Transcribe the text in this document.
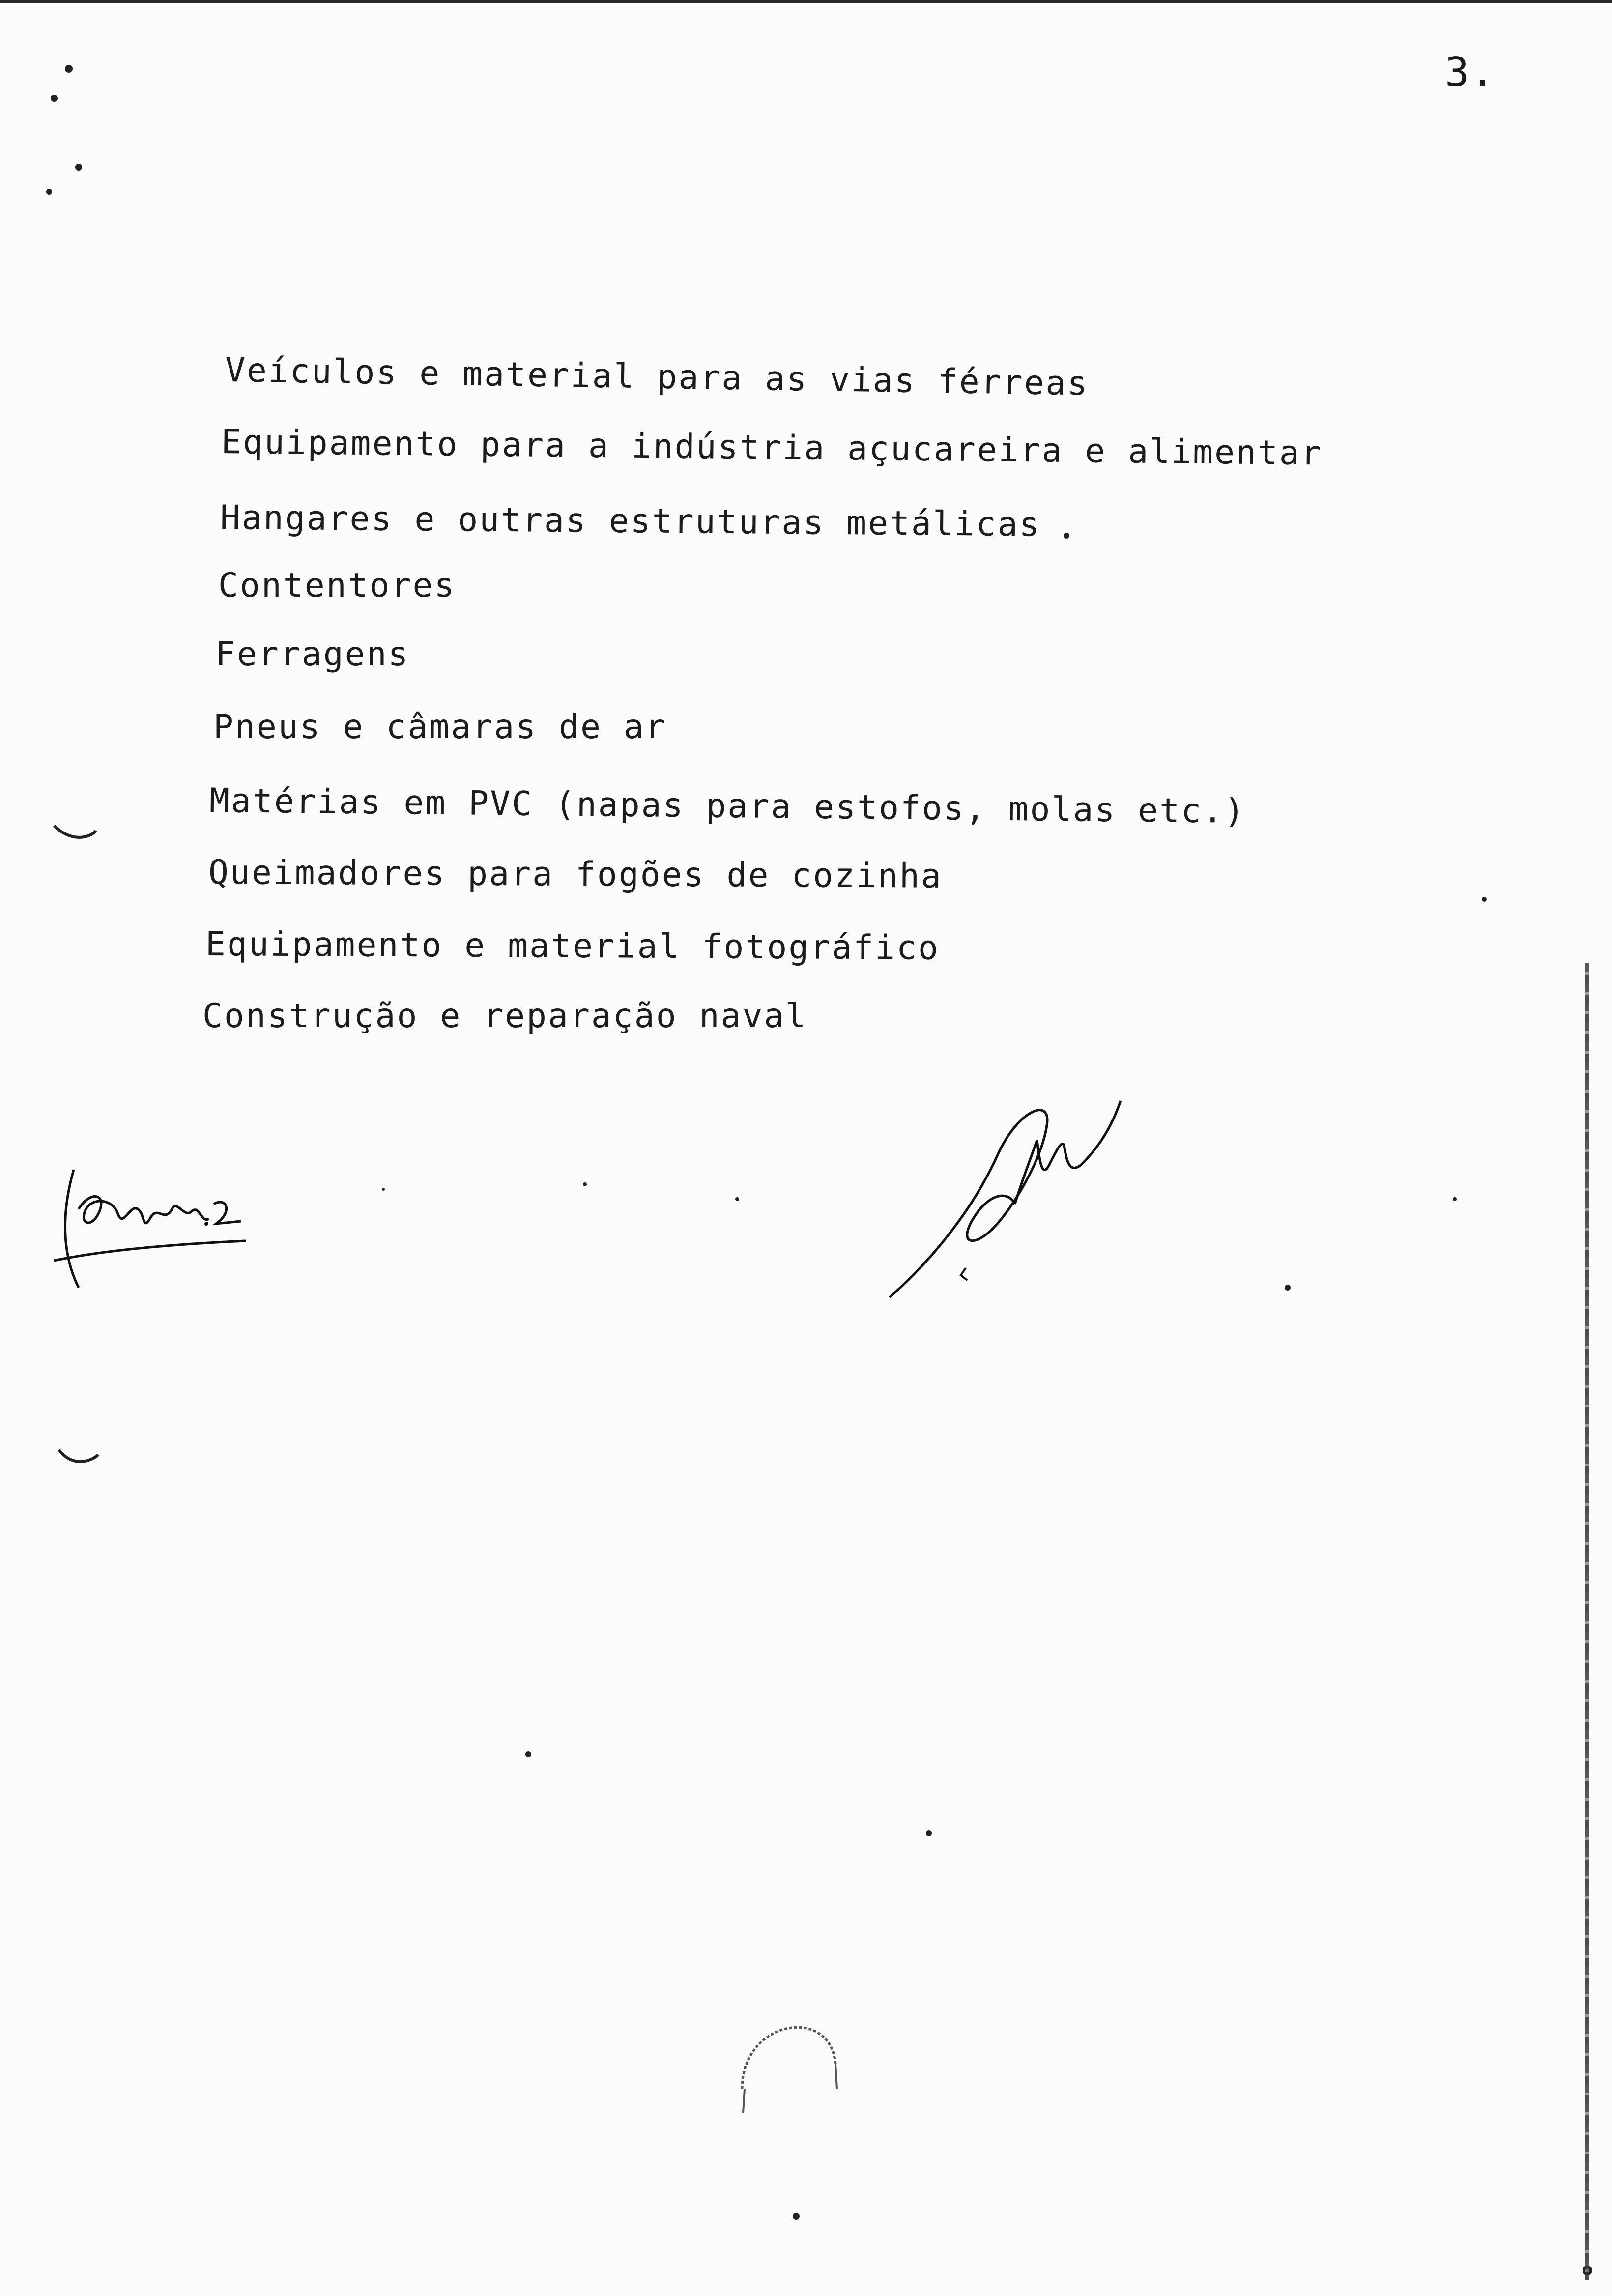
3.
Veículos e material para as vias férreas
Equipamento para a indústria açucareira e alimentar
Hangares e outras estruturas metálicas
Contentores
Ferragens
Pneus e câmaras de ar
Matérias em PVC (napas para estofos, molas etc.)
Queimadores para fogões de cozinha
Equipamento e material fotográfico
Construção e reparação naval
